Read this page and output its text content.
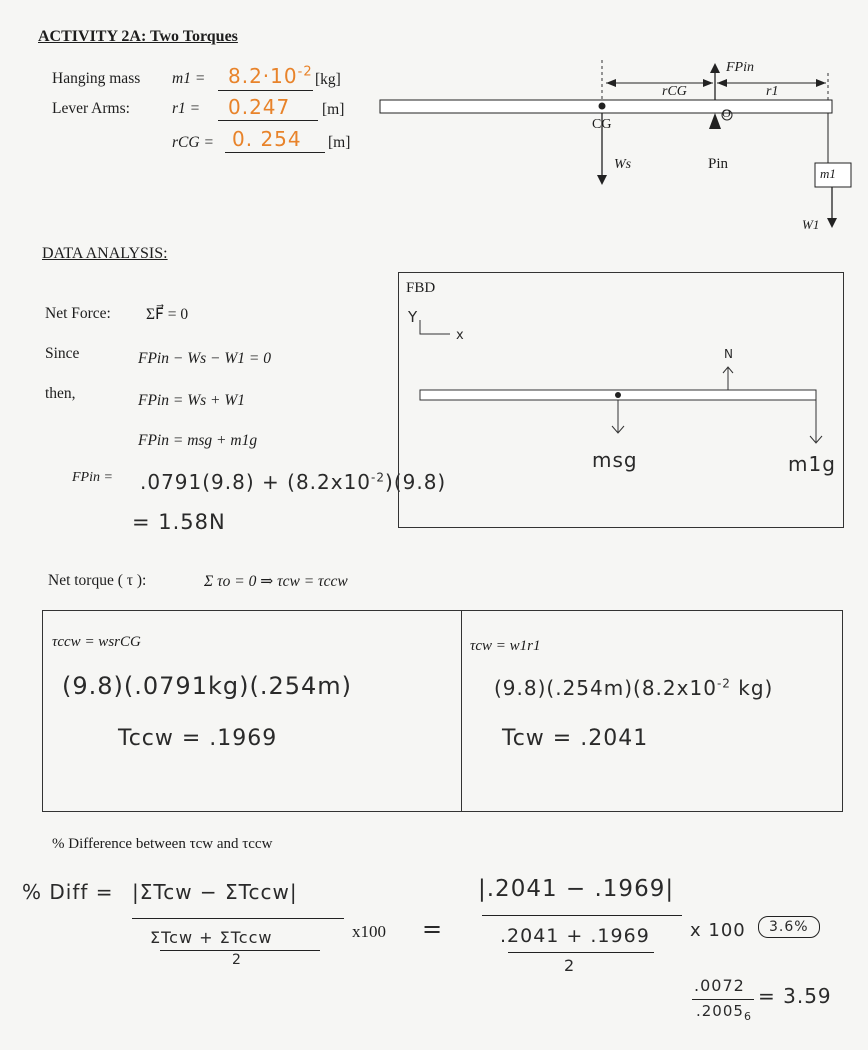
ACTIVITY 2A: Two Torques
Hanging mass $m1 = 8.2\cdot 10^{-2}$ [kg]
Lever Arms:	r1 = 0.247 [m]
rCG = 0. 254 [m]
FPin
rCG	r1
CG
O
Ws	Pin
m1
W1
DATA ANALYSIS:
Net Force: ΣF⃗ = 0
Since	FPin − Ws − W1 = 0
then,	FPin = Ws + W1
FPin = msg + m1g
FPin = $.0791(9.8) + (8.2x10^{-2})(9.8)$
= 1.58N
FBD
Y
x
N
msg	m1g
Net torque ( τ ):	Σ τo = 0 ⇒ τcw = τccw
τccw = wsrCG
(9.8)(.0791kg)(.254m)
Tccw = .1969
τcw = w1r1
$(9.8)(.254m)(8.2x10^{-2}$ kg)
Tcw = .2041
% Difference between τcw and τccw
% Diff = |ΣTcw − ΣTccw|
ΣTcw + ΣTccw
2
x100 =
|.2041 − .1969|
.2041 + .1969
2
x 100	3.6%
.0072
$.2005_6$
= 3.59
